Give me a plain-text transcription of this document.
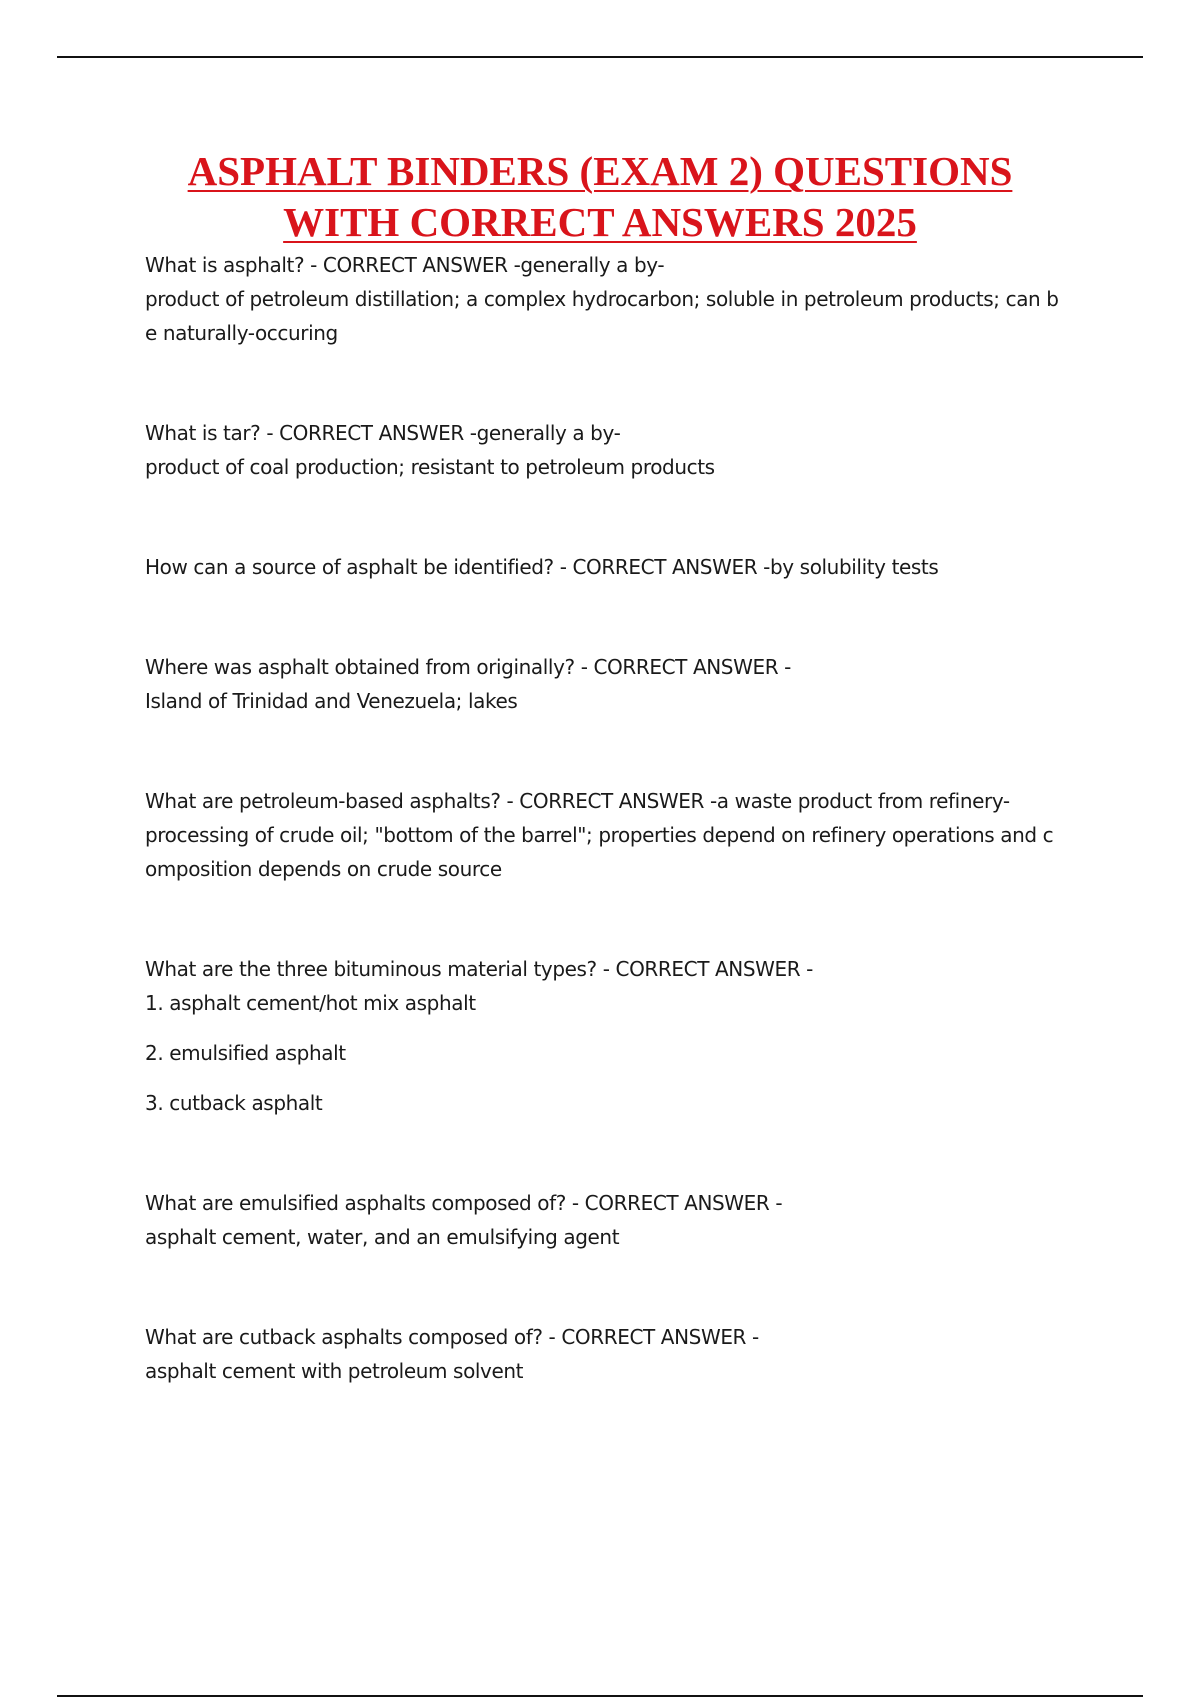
ASPHALT BINDERS (EXAM 2) QUESTIONS
WITH CORRECT ANSWERS 2025

What is asphalt? - CORRECT ANSWER -generally a by-

product of petroleum distillation; a complex hydrocarbon; soluble in petroleum products; can b

e naturally-occuring

What is tar? - CORRECT ANSWER -generally a by-

product of coal production; resistant to petroleum products

How can a source of asphalt be identified? - CORRECT ANSWER -by solubility tests

Where was asphalt obtained from originally? - CORRECT ANSWER -

Island of Trinidad and Venezuela; lakes

What are petroleum-based asphalts? - CORRECT ANSWER -a waste product from refinery-

processing of crude oil; "bottom of the barrel"; properties depend on refinery operations and c

omposition depends on crude source

What are the three bituminous material types? - CORRECT ANSWER -

1. asphalt cement/hot mix asphalt

2. emulsified asphalt

3. cutback asphalt

What are emulsified asphalts composed of? - CORRECT ANSWER -

asphalt cement, water, and an emulsifying agent

What are cutback asphalts composed of? - CORRECT ANSWER -

asphalt cement with petroleum solvent
